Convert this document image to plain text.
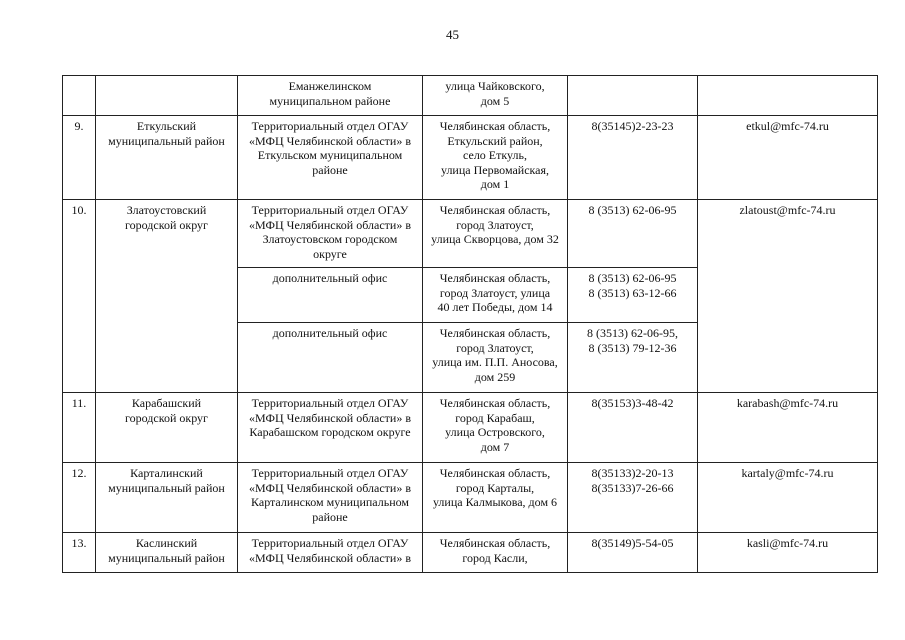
45

		Еманжелинском
муниципальном районе	улица Чайковского,
дом 5		

9.	Еткульский
муниципальный район	Территориальный отдел ОГАУ
«МФЦ Челябинской области» в
Еткульском муниципальном
районе	Челябинская область,
Еткульский район,
село Еткуль,
улица Первомайская,
дом 1	8(35145)2-23-23	etkul@mfc-74.ru
10.	Златоустовский
городской округ	Территориальный отдел ОГАУ
«МФЦ Челябинской области» в
Златоустовском городском
округе	Челябинская область,
город Златоуст,
улица Скворцова, дом 32	8 (3513) 62-06-95	zlatoust@mfc-74.ru

		дополнительный офис	Челябинская область,
город Златоуст, улица
40 лет Победы, дом 14	8 (3513) 62-06-95
8 (3513) 63-12-66	

		дополнительный офис	Челябинская область,
город Златоуст,
улица им. П.П. Аносова,
дом 259	8 (3513) 62-06-95,
8 (3513) 79-12-36	

11.	Карабашский
городской округ	Территориальный отдел ОГАУ
«МФЦ Челябинской области» в
Карабашском городском округе	Челябинская область,
город Карабаш,
улица Островского,
дом 7	8(35153)3-48-42	karabash@mfc-74.ru
12.	Карталинский
муниципальный район	Территориальный отдел ОГАУ
«МФЦ Челябинской области» в
Карталинском муниципальном
районе	Челябинская область,
город Карталы,
улица Калмыкова, дом 6	8(35133)2-20-13
8(35133)7-26-66	kartaly@mfc-74.ru
13.	Каслинский
муниципальный район	Территориальный отдел ОГАУ
«МФЦ Челябинской области» в	Челябинская область,
город Касли,	8(35149)5-54-05	kasli@mfc-74.ru
